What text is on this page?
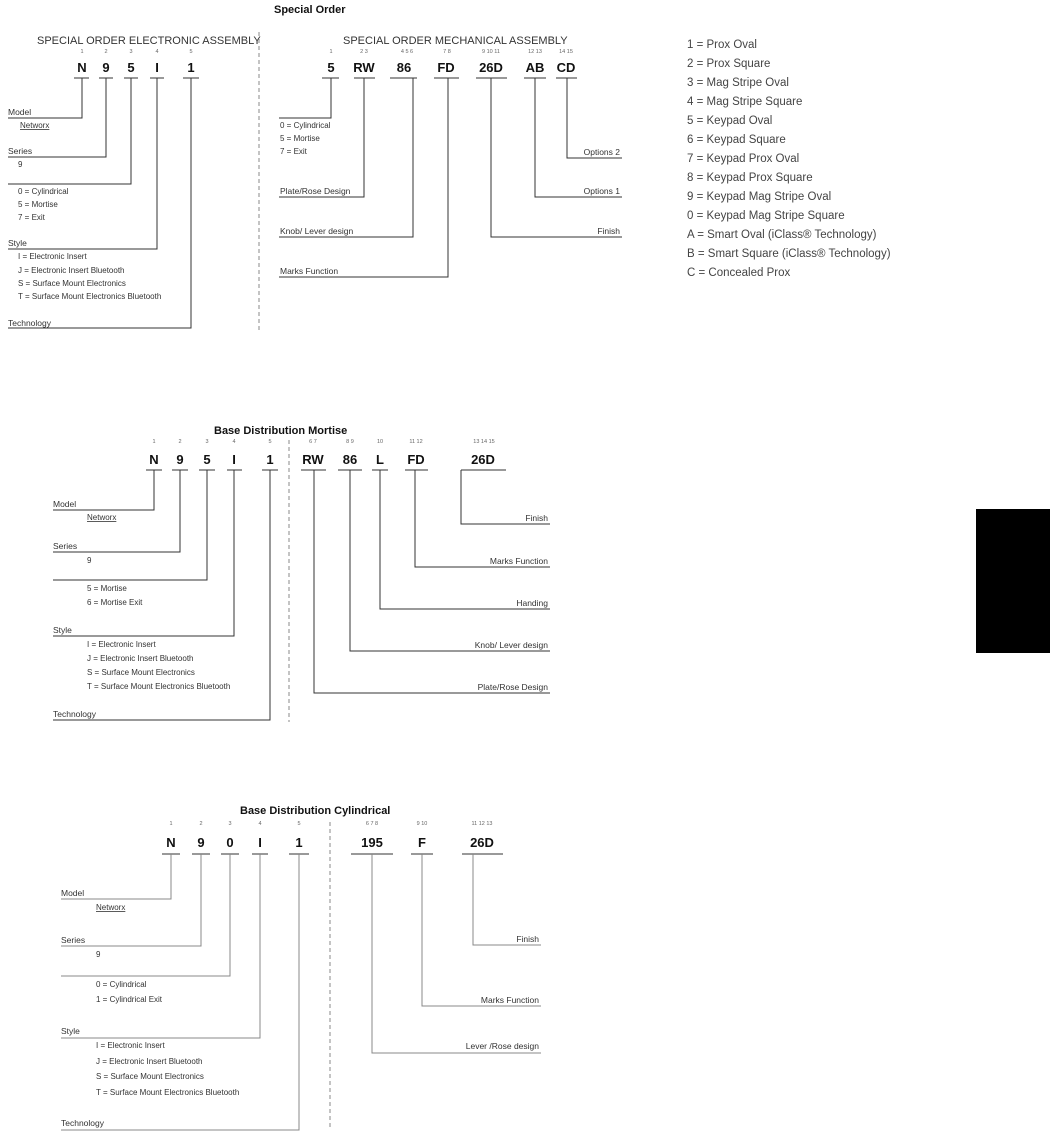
Special Order
SPECIAL ORDER ELECTRONIC ASSEMBLY
1	2	3	4	5
N 9 5 I 1
Model
Networx
Series
9
0 = Cylindrical
5 = Mortise
7 = Exit
Style
I = Electronic Insert
J = Electronic Insert Bluetooth
S = Surface Mount Electronics
T = Surface Mount Electronics Bluetooth
Technology
SPECIAL ORDER MECHANICAL ASSEMBLY
1	2 3	4 5 6	7 8	9 10 11	12 13	14 15
5 RW 86 FD 26D AB CD
0 = Cylindrical
5 = Mortise
7 = Exit
Plate/Rose Design
Knob/ Lever design
Marks Function
Options 2
Options 1
Finish
1 = Prox Oval
2 = Prox Square
3 = Mag Stripe Oval
4 = Mag Stripe Square
5 = Keypad Oval
6 = Keypad Square
7 = Keypad Prox Oval
8 = Keypad Prox Square
9 = Keypad Mag Stripe Oval
0 = Keypad Mag Stripe Square
A = Smart Oval (iClass® Technology)
B = Smart Square (iClass® Technology)
C = Concealed Prox
Base Distribution Mortise
1	2	3	4	5	6 7	8 9	10	11 12	13 14 15
N 9 5 I 1 RW 86 L FD	26D
Model
Networx
Series
9
5 = Mortise
6 = Mortise Exit
Style
I = Electronic Insert
J = Electronic Insert Bluetooth
S = Surface Mount Electronics
T = Surface Mount Electronics Bluetooth
Technology
Finish
Marks Function
Handing
Knob/ Lever design
Plate/Rose Design
Base Distribution Cylindrical
1	2	3	4	5	6 7 8	9 10	11 12 13
N 9 0 I	1	195	F	26D
Model
Networx
Series
9
0 = Cylindrical
1 = Cylindrical Exit
Style
I = Electronic Insert
J = Electronic Insert Bluetooth
S = Surface Mount Electronics
T = Surface Mount Electronics Bluetooth
Technology
Finish
Marks Function
Lever /Rose design
